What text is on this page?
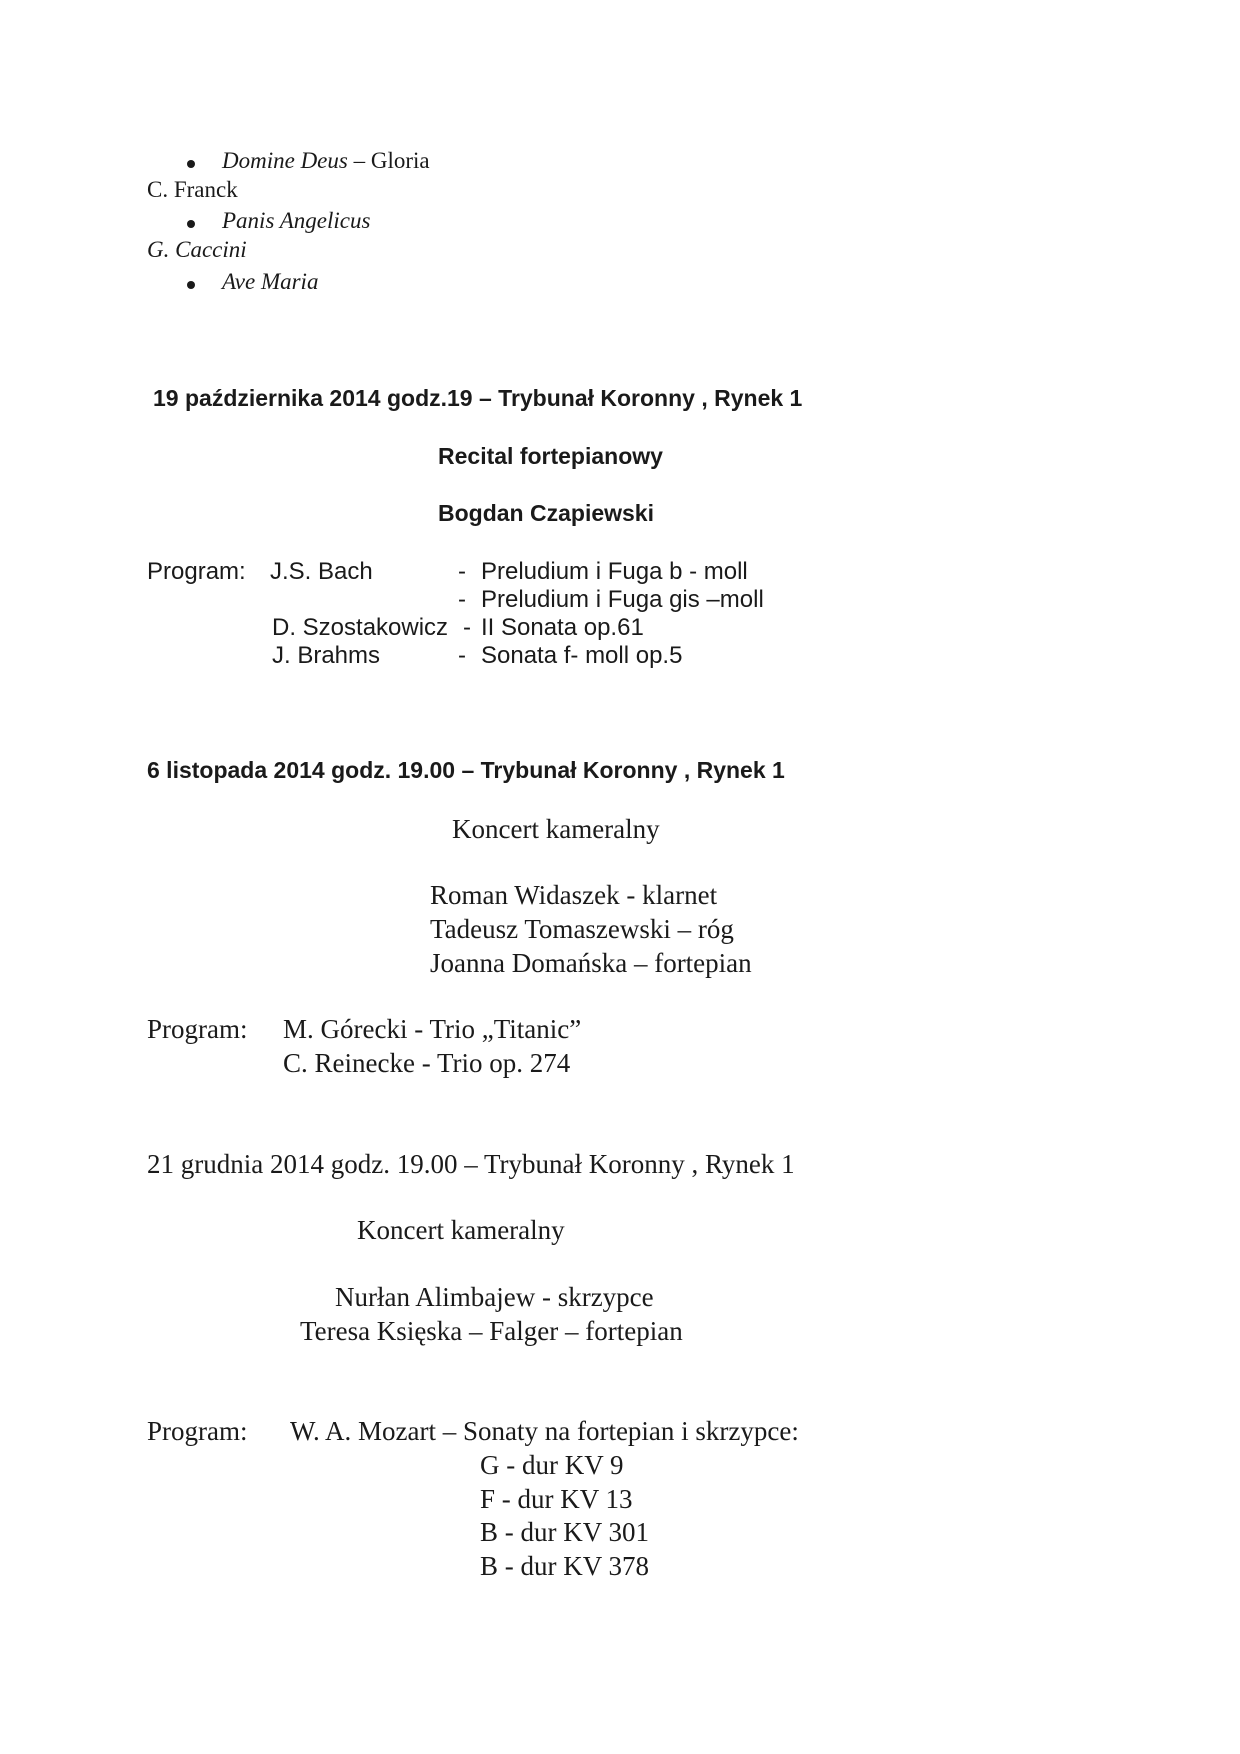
Domine Deus – Gloria
C. Franck
Panis Angelicus
G. Caccini
Ave Maria
19 października 2014 godz.19 – Trybunał Koronny , Rynek 1
Recital fortepianowy
Bogdan Czapiewski
Program: J.S. Bach	- Preludium i Fuga b - moll
- Preludium i Fuga gis –moll
D. Szostakowicz - II Sonata op.61
J. Brahms	- Sonata f- moll op.5
6 listopada 2014 godz. 19.00 – Trybunał Koronny , Rynek 1
Koncert kameralny
Roman Widaszek - klarnet
Tadeusz Tomaszewski – róg
Joanna Domańska – fortepian
Program: M. Górecki - Trio „Titanic”
C. Reinecke - Trio op. 274
21 grudnia 2014 godz. 19.00 – Trybunał Koronny , Rynek 1
Koncert kameralny
Nurłan Alimbajew - skrzypce
Teresa Księska – Falger – fortepian
Program: W. A. Mozart – Sonaty na fortepian i skrzypce:
G - dur KV 9
F - dur KV 13
B - dur KV 301
B - dur KV 378
